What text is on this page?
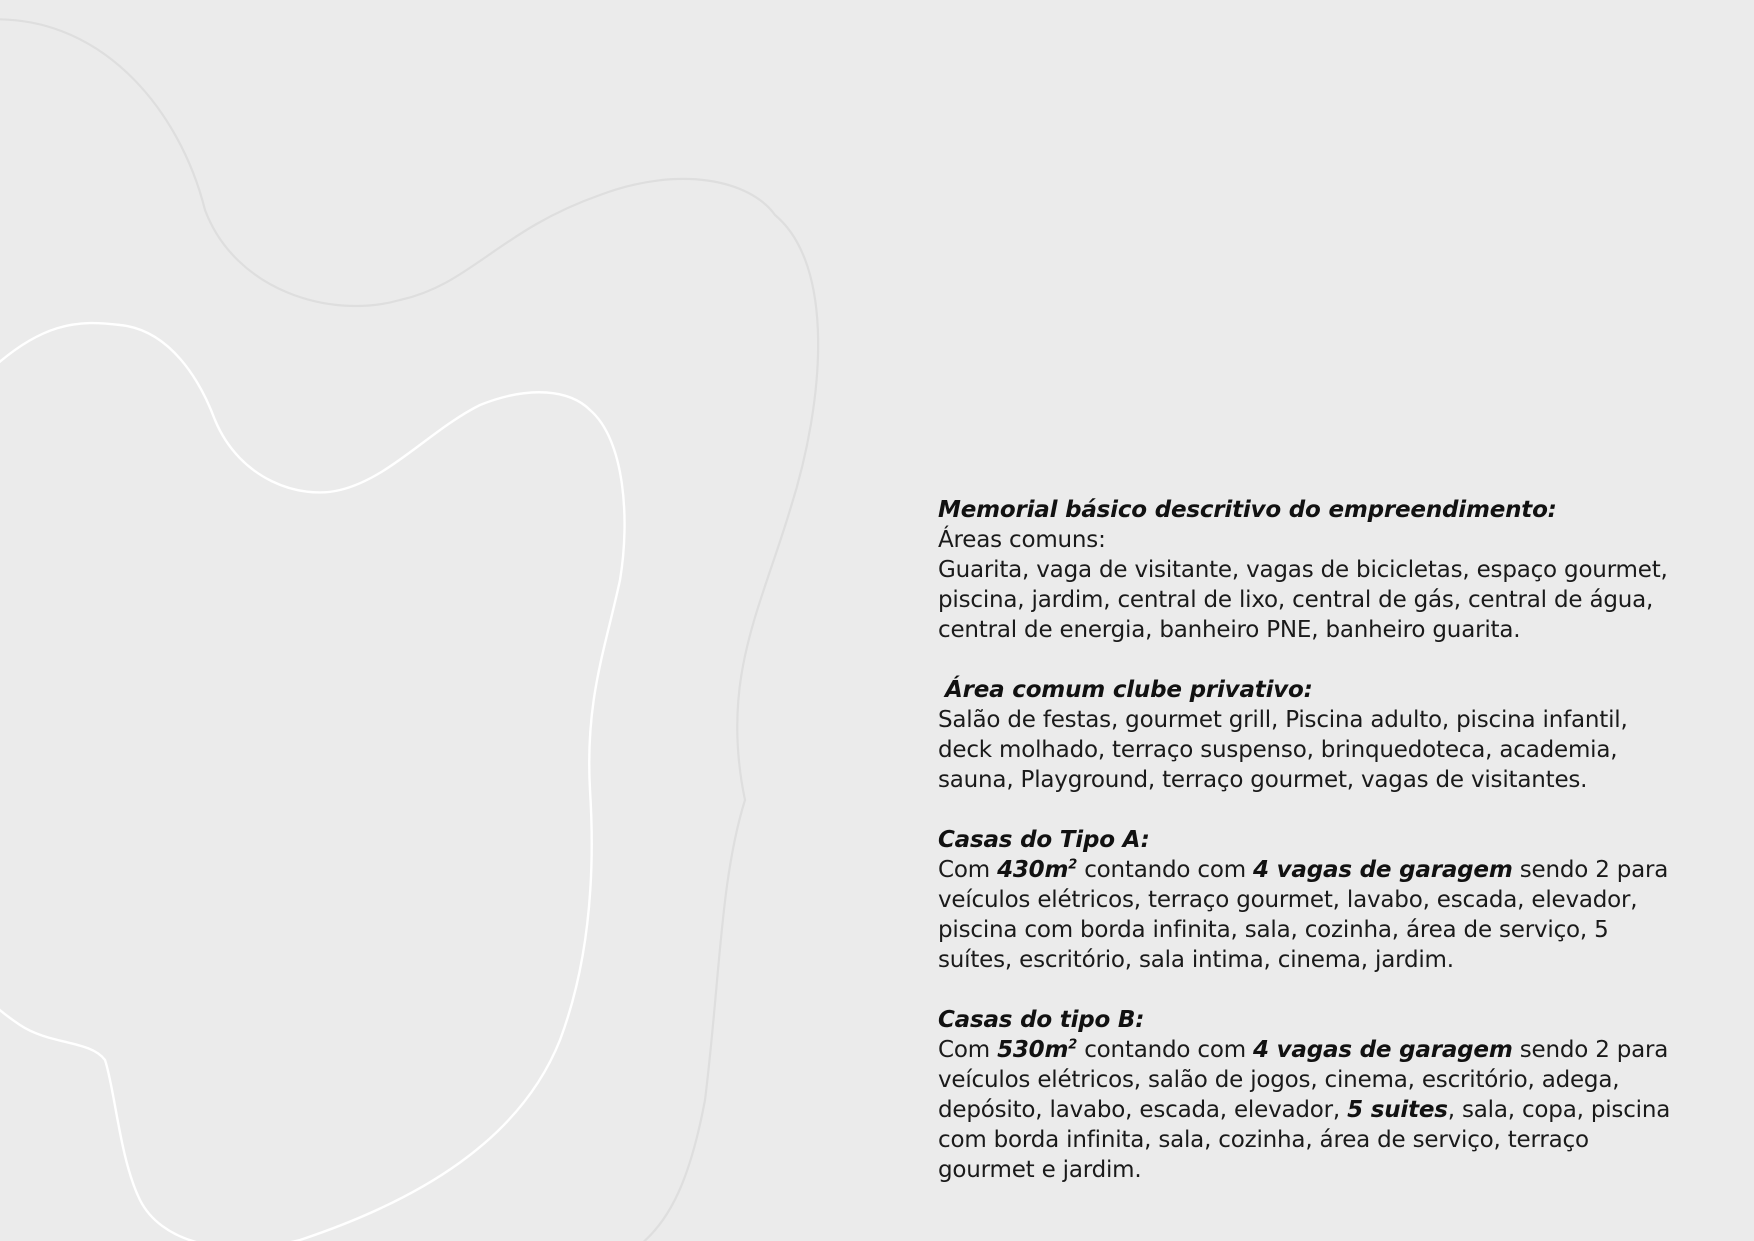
Memorial básico descritivo do empreendimento:
Áreas comuns:
Guarita, vaga de visitante, vagas de bicicletas, espaço gourmet,
piscina, jardim, central de lixo, central de gás, central de água,
central de energia, banheiro PNE, banheiro guarita.
Área comum clube privativo:
Salão de festas, gourmet grill, Piscina adulto, piscina infantil,
deck molhado, terraço suspenso, brinquedoteca, academia,
sauna, Playground, terraço gourmet, vagas de visitantes.
Casas do Tipo A:
Com $430m^2$ contando com 4 vagas de garagem sendo 2 para
veículos elétricos, terraço gourmet, lavabo, escada, elevador,
piscina com borda infinita, sala, cozinha, área de serviço, 5
suítes, escritório, sala intima, cinema, jardim.
Casas do tipo B:
Com $530m^2$ contando com 4 vagas de garagem sendo 2 para
veículos elétricos, salão de jogos, cinema, escritório, adega,
depósito, lavabo, escada, elevador, 5 suites, sala, copa, piscina
com borda infinita, sala, cozinha, área de serviço, terraço
gourmet e jardim.
